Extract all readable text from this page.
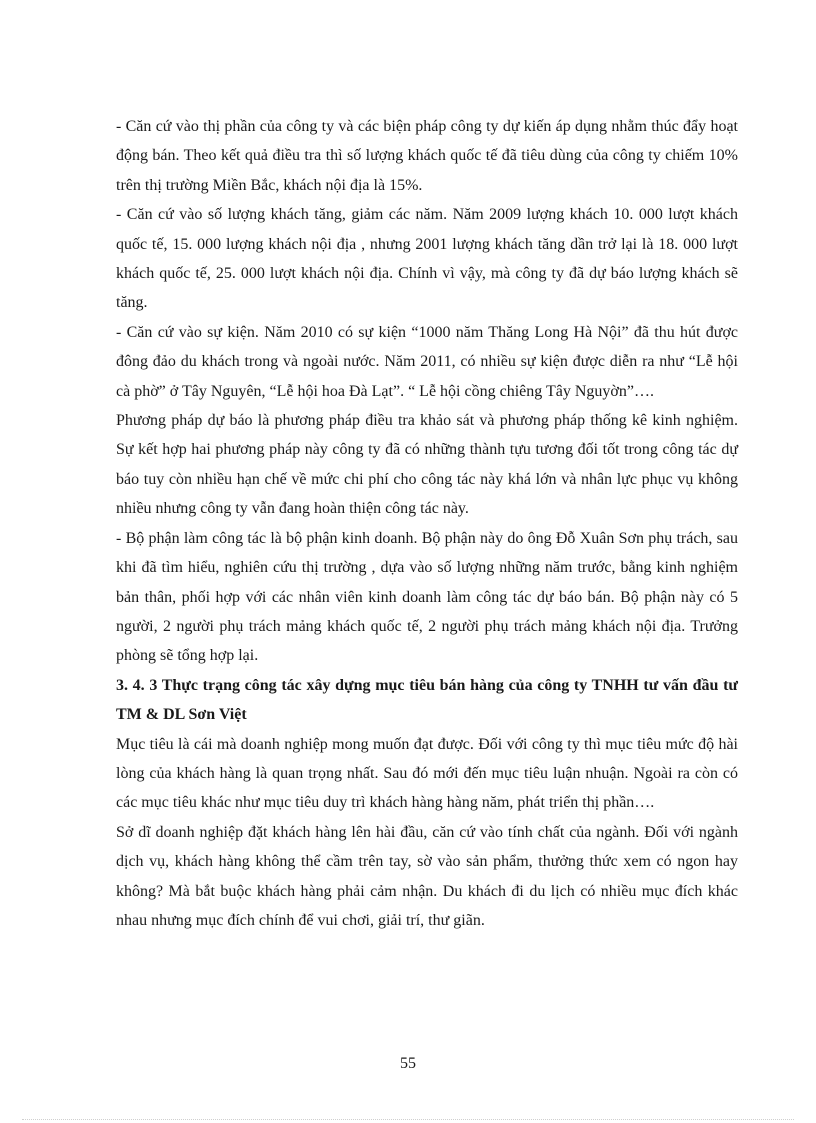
- Căn cứ vào thị phần của công ty và các biện pháp công ty dự kiến áp dụng nhằm thúc đẩy hoạt động bán. Theo kết quả điều tra thì số lượng khách quốc tế đã tiêu dùng của công ty chiếm 10% trên thị trường Miền Bắc, khách nội địa là 15%.

- Căn cứ vào số lượng khách tăng, giảm các năm. Năm 2009 lượng khách 10. 000 lượt khách quốc tế, 15. 000 lượng khách nội địa , nhưng 2001 lượng khách tăng dần trở lại là 18. 000 lượt khách quốc tế, 25. 000 lượt khách nội địa. Chính vì vậy, mà công ty đã dự báo lượng khách sẽ tăng.

- Căn cứ vào sự kiện. Năm 2010 có sự kiện “1000 năm Thăng Long Hà Nội” đã thu hút được đông đảo du khách trong và ngoài nước. Năm 2011, có nhiều sự kiện được diễn ra như “Lễ hội cà phờ” ở Tây Nguyên, “Lễ hội hoa Đà Lạt”. “ Lễ hội cồng chiêng Tây Nguyờn”….

Phương pháp dự báo là phương pháp điều tra khảo sát và phương pháp thống kê kinh nghiệm. Sự kết hợp hai phương pháp này công ty đã có những thành tựu tương đối tốt trong công tác dự báo tuy còn nhiều hạn chế về mức chi phí cho công tác này khá lớn và nhân lực phục vụ không nhiều nhưng công ty vẫn đang hoàn thiện công tác này.

- Bộ phận làm công tác là bộ phận kinh doanh. Bộ phận này do ông Đỗ Xuân Sơn phụ trách, sau khi đã tìm hiểu, nghiên cứu thị trường , dựa vào số lượng những năm trước, bằng kinh nghiệm bản thân, phối hợp với các nhân viên kinh doanh làm công tác dự báo bán. Bộ phận này có 5 người, 2 người phụ trách mảng khách quốc tế, 2 người phụ trách mảng khách nội địa. Trưởng phòng sẽ tổng hợp lại.

3. 4. 3 Thực trạng công tác xây dựng mục tiêu bán hàng của công ty TNHH tư vấn đầu tư TM & DL Sơn Việt

Mục tiêu là cái mà doanh nghiệp mong muốn đạt được. Đối với công ty thì mục tiêu mức độ hài lòng của khách hàng là quan trọng nhất. Sau đó mới đến mục tiêu luận nhuận. Ngoài ra còn có các mục tiêu khác như mục tiêu duy trì khách hàng hàng năm, phát triển thị phần….

Sở dĩ doanh nghiệp đặt khách hàng lên hài đầu, căn cứ vào tính chất của ngành. Đối với ngành dịch vụ, khách hàng không thể cầm trên tay, sờ vào sản phẩm, thưởng thức xem có ngon hay không? Mà bắt buộc khách hàng phải cảm nhận. Du khách đi du lịch có nhiều mục đích khác nhau nhưng mục đích chính để vui chơi, giải trí, thư giãn.

55
